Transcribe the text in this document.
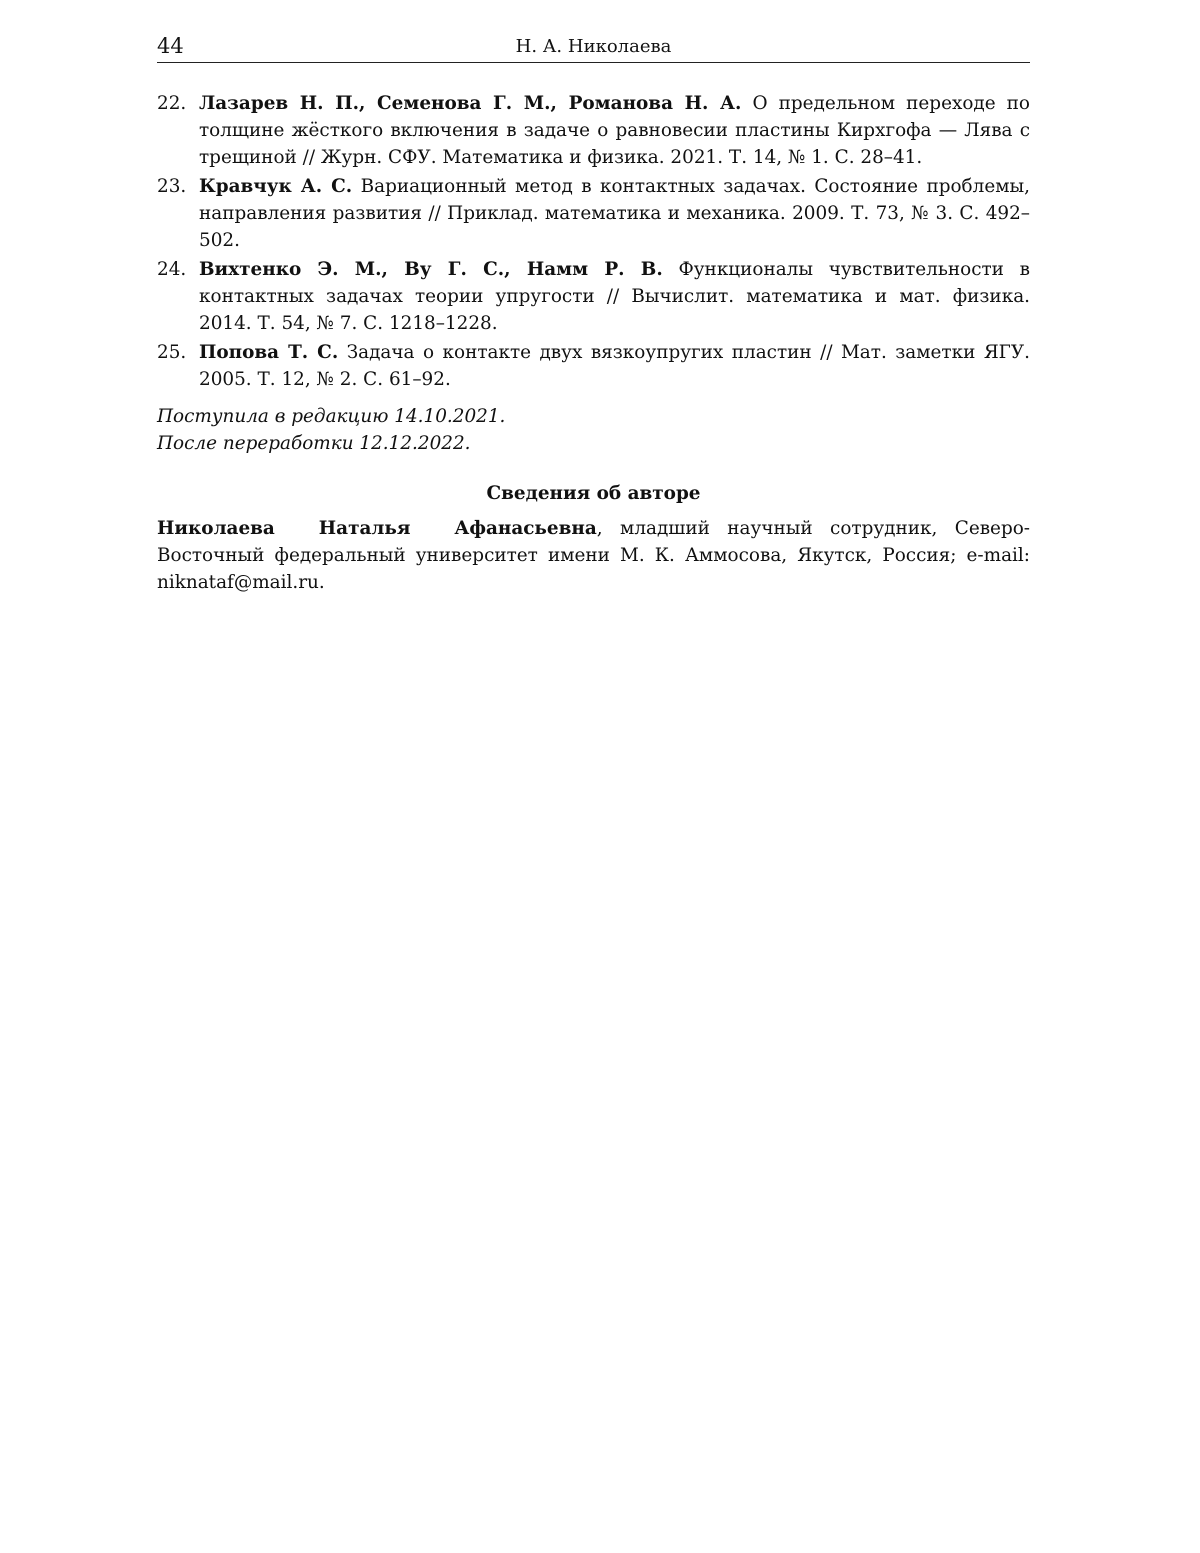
44	Н. А. Николаева
22. Лазарев Н. П., Семенова Г. М., Романова Н. А. О предельном переходе по толщине жёсткого включения в задаче о равновесии пластины Кирхгофа — Лява с трещиной // Журн. СФУ. Математика и физика. 2021. Т. 14, № 1. С. 28–41.
23. Кравчук А. С. Вариационный метод в контактных задачах. Состояние проблемы, направления развития // Приклад. математика и механика. 2009. Т. 73, № 3. С. 492–502.
24. Вихтенко Э. М., Ву Г. С., Намм Р. В. Функционалы чувствительности в контактных задачах теории упругости // Вычислит. математика и мат. физика. 2014. Т. 54, № 7. С. 1218–1228.
25. Попова Т. С. Задача о контакте двух вязкоупругих пластин // Мат. заметки ЯГУ. 2005. Т. 12, № 2. С. 61–92.
Поступила в редакцию 14.10.2021.
После переработки 12.12.2022.
Сведения об авторе

Николаева Наталья Афанасьевна, младший научный сотрудник, Северо-Восточный федеральный университет имени М. К. Аммосова, Якутск, Россия; e-mail: niknataf@mail.ru.
